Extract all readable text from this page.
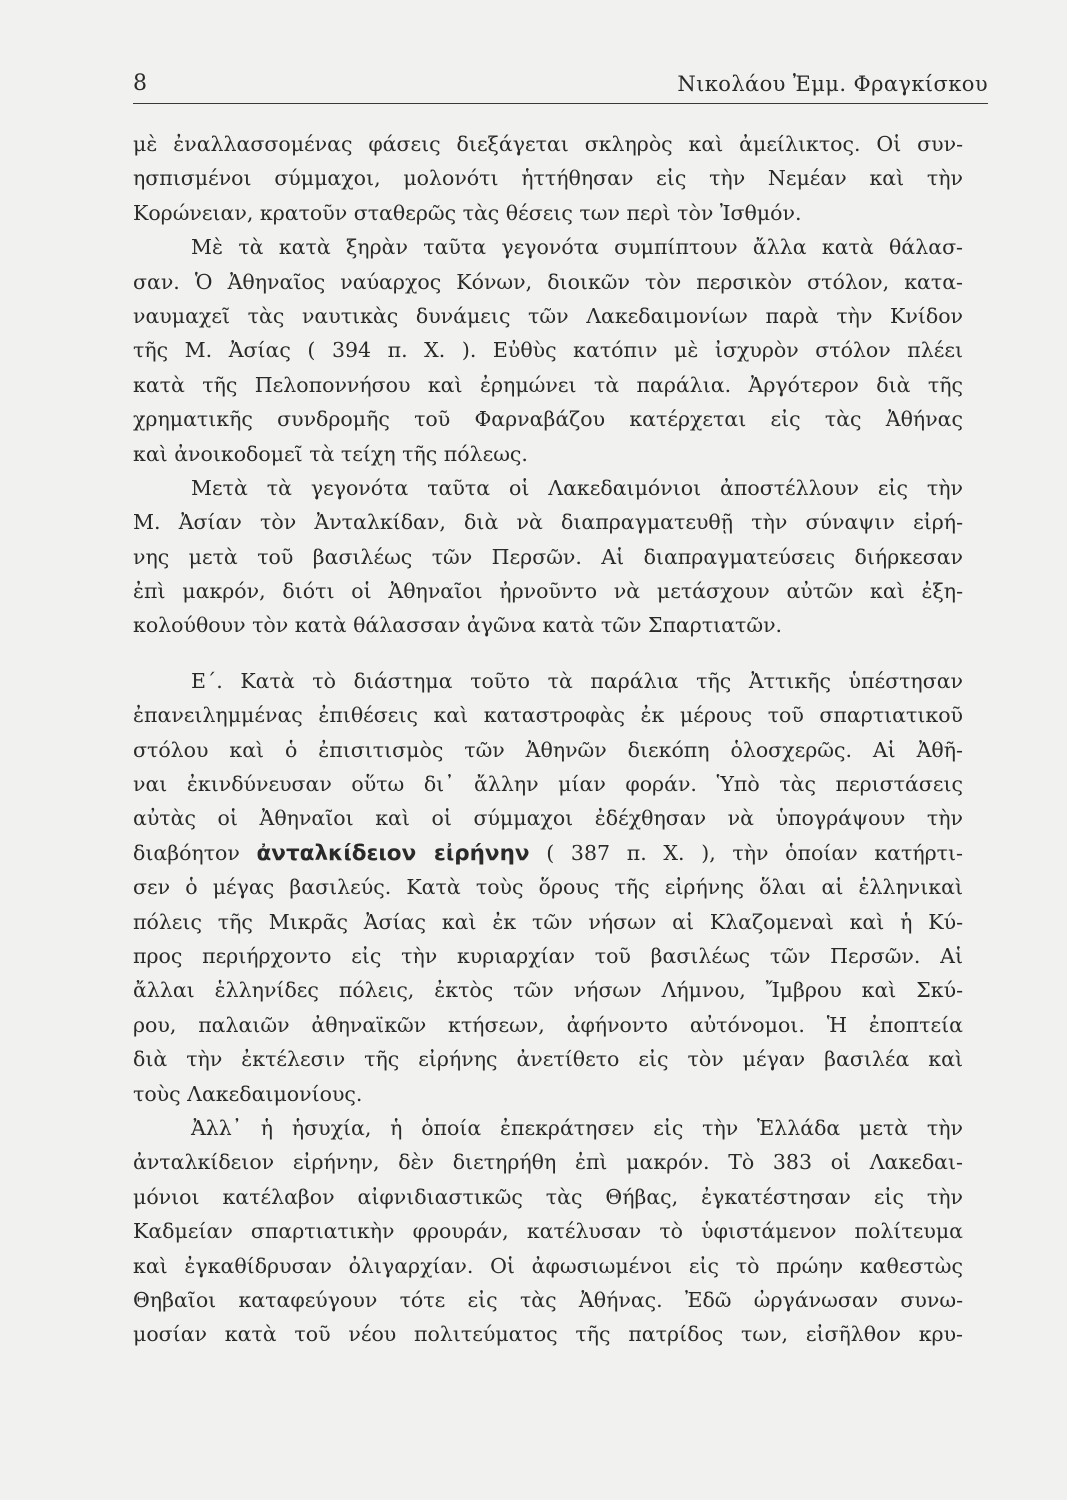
8	Νικολάου Ἐμμ. Φραγκίσκου
μὲ ἐναλλασσομένας φάσεις διεξάγεται σκληρὸς καὶ ἀμείλικτος. Οἱ συν-
ησπισμένοι σύμμαχοι, μολονότι ἡττήθησαν εἰς τὴν Νεμέαν καὶ τὴν
Κορώνειαν, κρατοῦν σταθερῶς τὰς θέσεις των περὶ τὸν Ἰσθμόν.
Μὲ τὰ κατὰ ξηρὰν ταῦτα γεγονότα συμπίπτουν ἄλλα κατὰ θάλασ-
σαν. Ὁ Ἀθηναῖος ναύαρχος Κόνων, διοικῶν τὸν περσικὸν στόλον, κατα-
ναυμαχεῖ τὰς ναυτικὰς δυνάμεις τῶν Λακεδαιμονίων παρὰ τὴν Κνίδον
τῆς Μ. Ἀσίας ( 394 π. Χ. ). Εὐθὺς κατόπιν μὲ ἰσχυρὸν στόλον πλέει
κατὰ τῆς Πελοποννήσου καὶ ἐρημώνει τὰ παράλια. Ἀργότερον διὰ τῆς
χρηματικῆς συνδρομῆς τοῦ Φαρναβάζου κατέρχεται εἰς τὰς Ἀθήνας
καὶ ἀνοικοδομεῖ τὰ τείχη τῆς πόλεως.
Μετὰ τὰ γεγονότα ταῦτα οἱ Λακεδαιμόνιοι ἀποστέλλουν εἰς τὴν
Μ. Ἀσίαν τὸν Ἀνταλκίδαν, διὰ νὰ διαπραγματευθῇ τὴν σύναψιν εἰρή-
νης μετὰ τοῦ βασιλέως τῶν Περσῶν. Αἱ διαπραγματεύσεις διήρκεσαν
ἐπὶ μακρόν, διότι οἱ Ἀθηναῖοι ἠρνοῦντο νὰ μετάσχουν αὐτῶν καὶ ἐξη-
κολούθουν τὸν κατὰ θάλασσαν ἀγῶνα κατὰ τῶν Σπαρτιατῶν.
Ε΄. Κατὰ τὸ διάστημα τοῦτο τὰ παράλια τῆς Ἀττικῆς ὑπέστησαν
ἐπανειλημμένας ἐπιθέσεις καὶ καταστροφὰς ἐκ μέρους τοῦ σπαρτιατικοῦ
στόλου καὶ ὁ ἐπισιτισμὸς τῶν Ἀθηνῶν διεκόπη ὁλοσχερῶς. Αἱ Ἀθῆ-
ναι ἐκινδύνευσαν οὕτω δι᾽ ἄλλην μίαν φοράν. Ὑπὸ τὰς περιστάσεις
αὐτὰς οἱ Ἀθηναῖοι καὶ οἱ σύμμαχοι ἐδέχθησαν νὰ ὑπογράψουν τὴν
διαβόητον ἀνταλκίδειον εἰρήνην ( 387 π. Χ. ), τὴν ὁποίαν κατήρτι-
σεν ὁ μέγας βασιλεύς. Κατὰ τοὺς ὅρους τῆς εἰρήνης ὅλαι αἱ ἑλληνικαὶ
πόλεις τῆς Μικρᾶς Ἀσίας καὶ ἐκ τῶν νήσων αἱ Κλαζομεναὶ καὶ ἡ Κύ-
προς περιήρχοντο εἰς τὴν κυριαρχίαν τοῦ βασιλέως τῶν Περσῶν. Αἱ
ἄλλαι ἑλληνίδες πόλεις, ἐκτὸς τῶν νήσων Λήμνου, Ἴμβρου καὶ Σκύ-
ρου, παλαιῶν ἀθηναϊκῶν κτήσεων, ἀφήνοντο αὐτόνομοι. Ἡ ἐποπτεία
διὰ τὴν ἐκτέλεσιν τῆς εἰρήνης ἀνετίθετο εἰς τὸν μέγαν βασιλέα καὶ
τοὺς Λακεδαιμονίους.
Ἀλλ᾽ ἡ ἡσυχία, ἡ ὁποία ἐπεκράτησεν εἰς τὴν Ἑλλάδα μετὰ τὴν
ἀνταλκίδειον εἰρήνην, δὲν διετηρήθη ἐπὶ μακρόν. Τὸ 383 οἱ Λακεδαι-
μόνιοι κατέλαβον αἰφνιδιαστικῶς τὰς Θήβας, ἐγκατέστησαν εἰς τὴν
Καδμείαν σπαρτιατικὴν φρουράν, κατέλυσαν τὸ ὑφιστάμενον πολίτευμα
καὶ ἐγκαθίδρυσαν ὀλιγαρχίαν. Οἱ ἀφωσιωμένοι εἰς τὸ πρώην καθεστὼς
Θηβαῖοι καταφεύγουν τότε εἰς τὰς Ἀθήνας. Ἐδῶ ὠργάνωσαν συνω-
μοσίαν κατὰ τοῦ νέου πολιτεύματος τῆς πατρίδος των, εἰσῆλθον κρυ-
